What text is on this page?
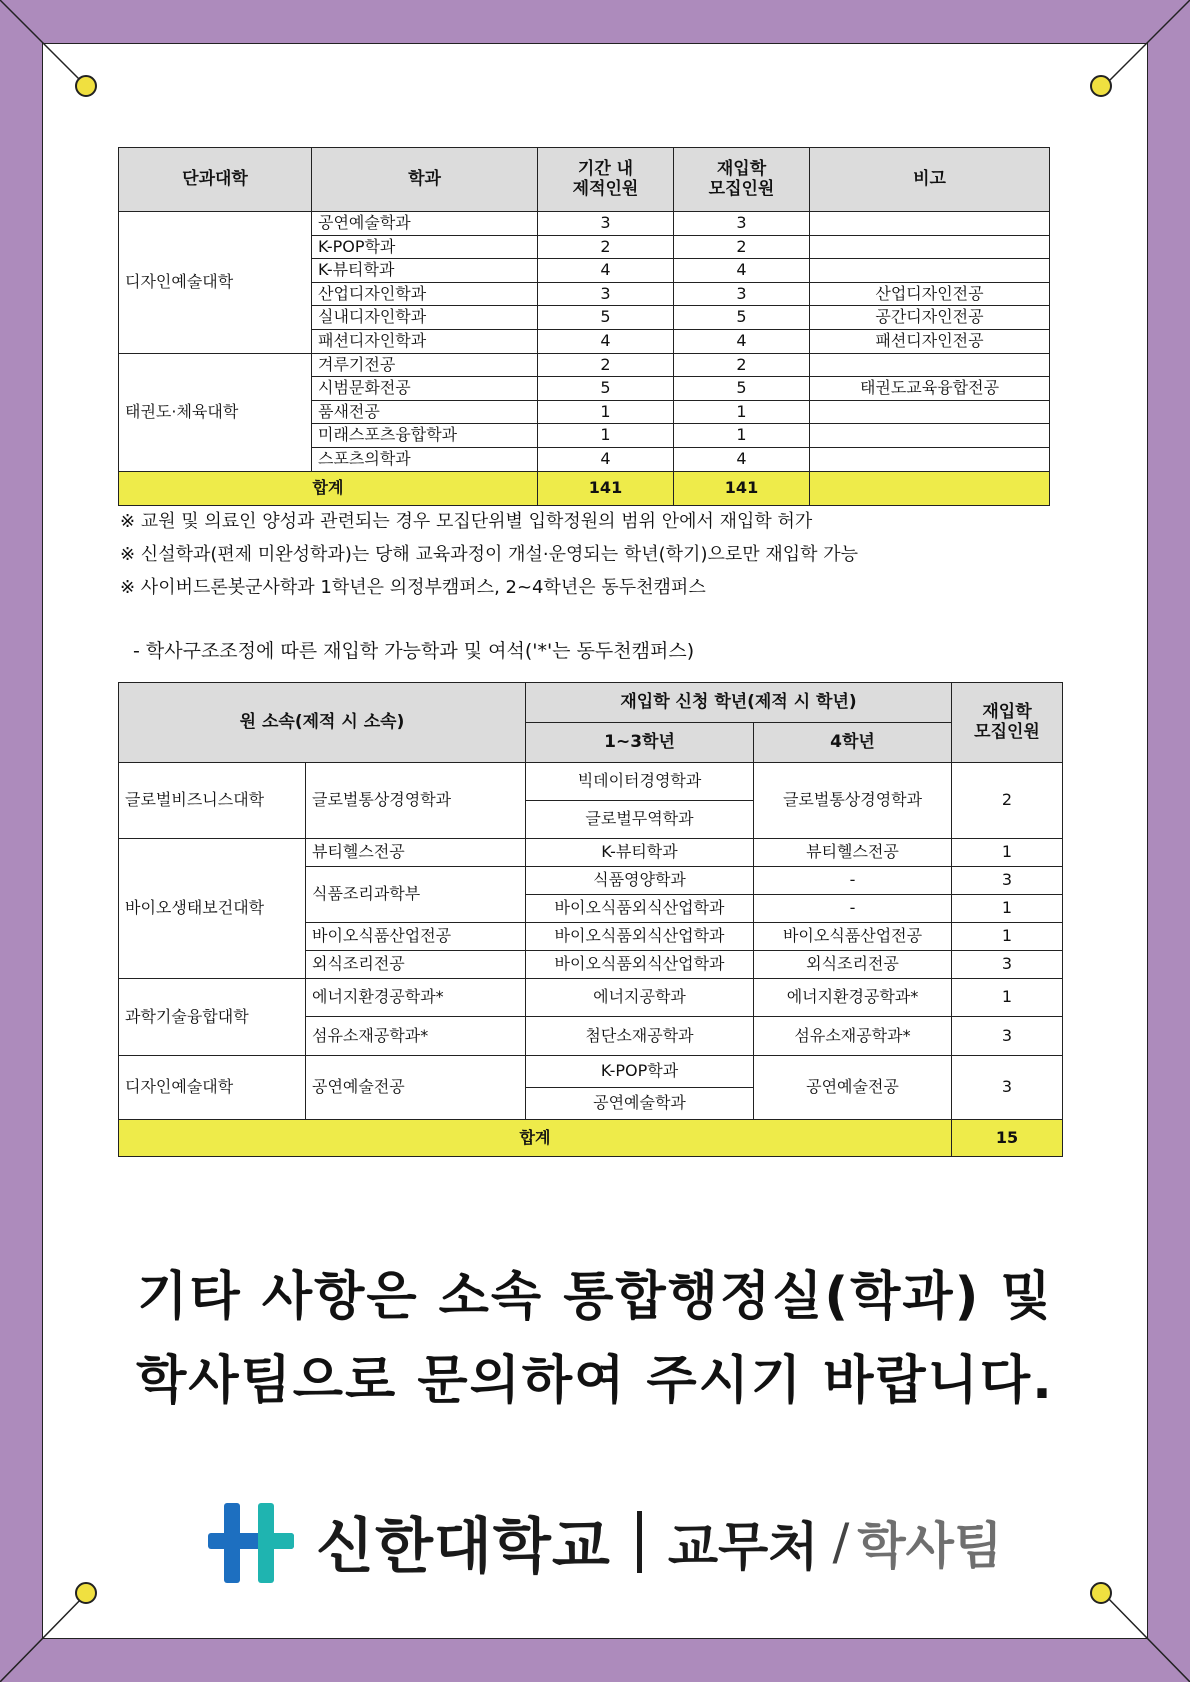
단과대학	학과	기간 내
제적인원	재입학
모집인원	비고
디자인예술대학	공연예술학과	3	3	
	K-POP학과	2	2	
	K-뷰티학과	4	4	
	산업디자인학과	3	3	산업디자인전공
	실내디자인학과	5	5	공간디자인전공
	패션디자인학과	4	4	패션디자인전공
태권도·체육대학	겨루기전공	2	2	
	시범문화전공	5	5	태권도교육융합전공
	품새전공	1	1	
	미래스포츠융합학과	1	1	
	스포츠의학과	4	4	
합계		141	141	
※ 교원 및 의료인 양성과 관련되는 경우 모집단위별 입학정원의 범위 안에서 재입학 허가
※ 신설학과(편제 미완성학과)는 당해 교육과정이 개설·운영되는 학년(학기)으로만 재입학 가능
※ 사이버드론봇군사학과 1학년은 의정부캠퍼스, 2~4학년은 동두천캠퍼스
- 학사구조조정에 따른 재입학 가능학과 및 여석('*'는 동두천캠퍼스)
원 소속(제적 시 소속)		재입학 신청 학년(제적 시 학년)		재입학
모집인원
		1~3학년	4학년	
글로벌비즈니스대학	글로벌통상경영학과	빅데이터경영학과	글로벌통상경영학과	2
		글로벌무역학과		
바이오생태보건대학	뷰티헬스전공	K-뷰티학과	뷰티헬스전공	1
	식품조리과학부	식품영양학과	-	3
		바이오식품외식산업학과	-	1
	바이오식품산업전공	바이오식품외식산업학과	바이오식품산업전공	1
	외식조리전공	바이오식품외식산업학과	외식조리전공	3
과학기술융합대학	에너지환경공학과*	에너지공학과	에너지환경공학과*	1
	섬유소재공학과*	첨단소재공학과	섬유소재공학과*	3
디자인예술대학	공연예술전공	K-POP학과	공연예술전공	3
		공연예술학과		
합계				15
기타 사항은 소속 통합행정실(학과) 및
학사팀으로 문의하여 주시기 바랍니다.
신한대학교 교무처 / 학사팀
